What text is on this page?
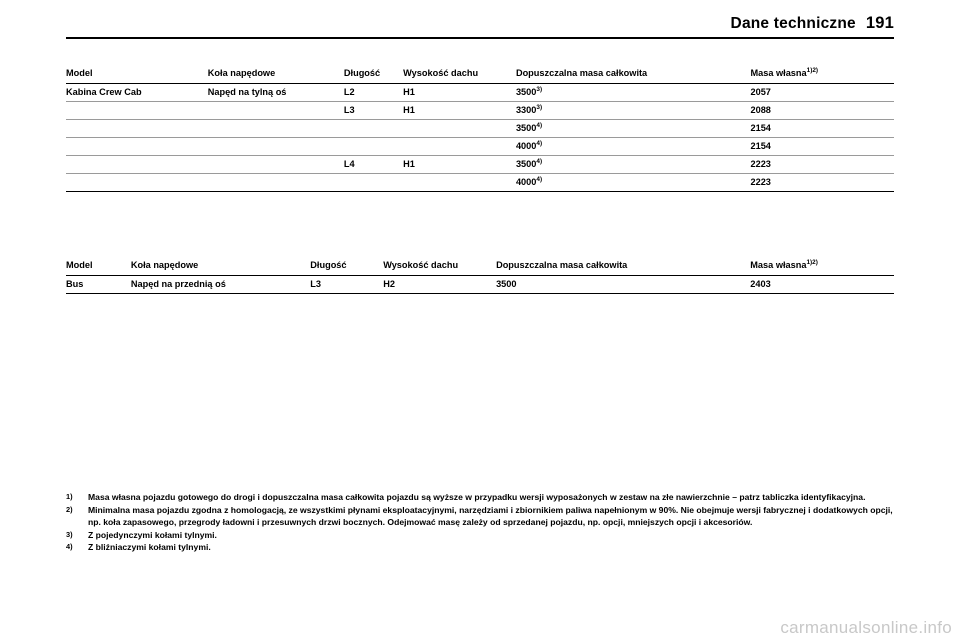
Dane techniczne 191
Model	Koła napędowe	Długość	Wysokość dachu	Dopuszczalna masa całkowita	Masa własna$^{1)2)}$
Kabina Crew Cab	Napęd na tylną oś	L2	H1	3500$^{3)}$	2057
		L3	H1	3300$^{3)}$	2088
				3500$^{4)}$	2154
				4000$^{4)}$	2154
		L4	H1	3500$^{4)}$	2223
				4000$^{4)}$	2223
Model	Koła napędowe	Długość	Wysokość dachu	Dopuszczalna masa całkowita	Masa własna$^{1)2)}$
Bus	Napęd na przednią oś	L3	H2	3500	2403
1)	Masa własna pojazdu gotowego do drogi i dopuszczalna masa całkowita pojazdu są wyższe w przypadku wersji wyposażonych w zestaw na złe nawierzchnie – patrz tabliczka identyfikacyjna.
2)	Minimalna masa pojazdu zgodna z homologacją, ze wszystkimi płynami eksploatacyjnymi, narzędziami i zbiornikiem paliwa napełnionym w 90%. Nie obejmuje wersji fabrycznej i dodatkowych opcji, np. koła zapasowego, przegrody ładowni i przesuwnych drzwi bocznych. Odejmować masę zależy od sprzedanej pojazdu, np. opcji, mniejszych opcji i akcesoriów.
3)	Z pojedynczymi kołami tylnymi.
4)	Z bliźniaczymi kołami tylnymi.
carmanualsonline.info
